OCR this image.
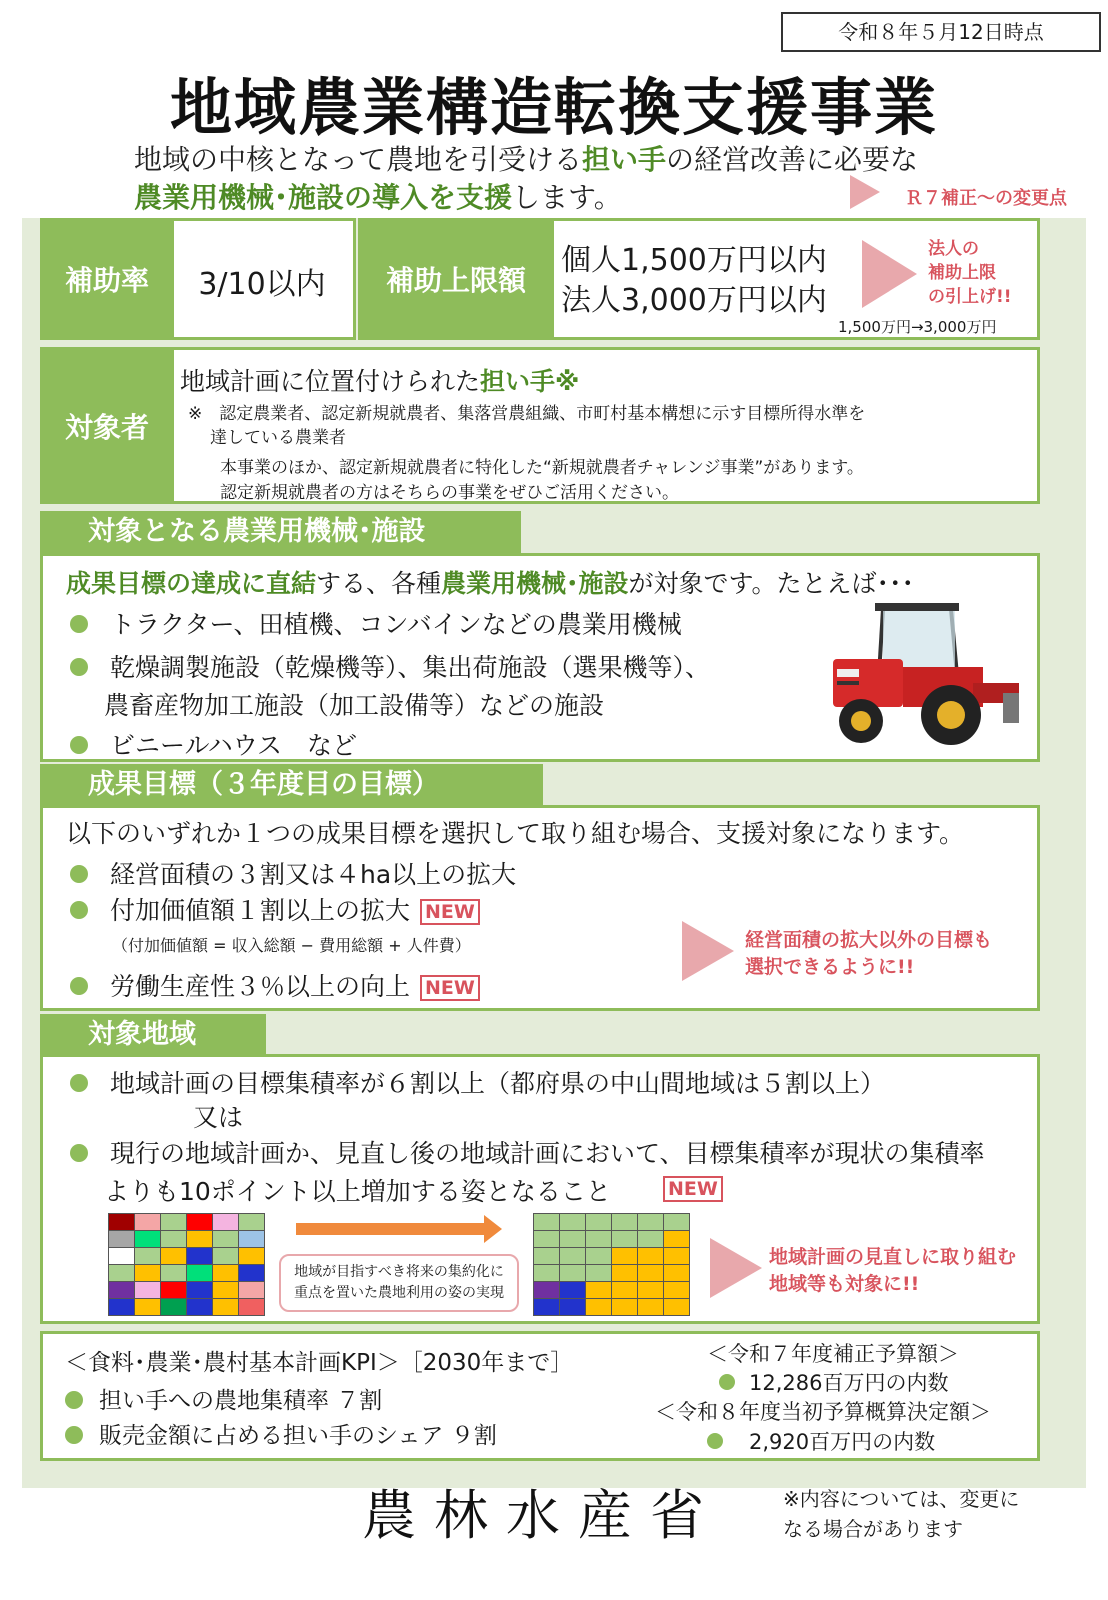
令和８年５月12日時点
地域農業構造転換支援事業
地域の中核となって農地を引受ける担い手の経営改善に必要な
農業用機械･施設の導入を支援します。	Ｒ７補正～の変更点
補助率	3/10以内	補助上限額
個人1,500万円以内
法人3,000万円以内
1,500万円→3,000万円
法人の
補助上限
の引上げ!!
対象者
地域計画に位置付けられた担い手※
※　認定農業者、認定新規就農者、集落営農組織、市町村基本構想に示す目標所得水準を
達している農業者
本事業のほか、認定新規就農者に特化した“新規就農者チャレンジ事業”があります。
認定新規就農者の方はそちらの事業をぜひご活用ください。
対象となる農業用機械･施設
成果目標の達成に直結する、各種農業用機械･施設が対象です。たとえば･･･
トラクター、田植機、コンバインなどの農業用機械
乾燥調製施設（乾燥機等）、集出荷施設（選果機等）、
農畜産物加工施設（加工設備等）などの施設
ビニールハウス　など
成果目標（３年度目の目標）
以下のいずれか１つの成果目標を選択して取り組む場合、支援対象になります。
経営面積の３割又は４ha以上の拡大
付加価値額１割以上の拡大 NEW
（付加価値額 = 収入総額 − 費用総額 + 人件費）
労働生産性３％以上の向上 NEW
経営面積の拡大以外の目標も
選択できるように!!
対象地域
地域計画の目標集積率が６割以上（都府県の中山間地域は５割以上）
又は
現行の地域計画か、見直し後の地域計画において、目標集積率が現状の集積率
よりも10ポイント以上増加する姿となること	NEW
地域が目指すべき将来の集約化に
重点を置いた農地利用の姿の実現
地域計画の見直しに取り組む
地域等も対象に!!
＜食料･農業･農村基本計画KPI＞［2030年まで］
担い手への農地集積率 ７割
販売金額に占める担い手のシェア ９割
＜令和７年度補正予算額＞
12,286百万円の内数
＜令和８年度当初予算概算決定額＞
2,920百万円の内数
農林水産省	※内容については、変更に
なる場合があります
